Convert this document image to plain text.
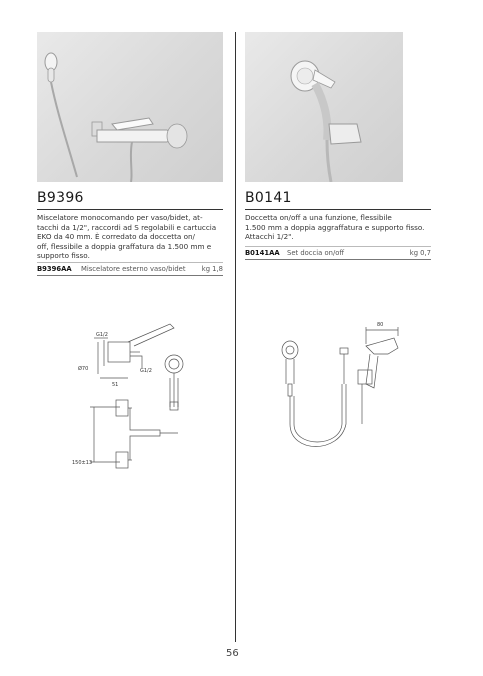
B9396
Miscelatore monocomando per vaso/bidet, at-
tacchi da 1/2", raccordi ad S regolabili e cartuccia
EKO da 40 mm. È corredato da doccetta on/
off, flessibile a doppia graffatura da 1.500 mm e
supporto fisso.
B9396AA Miscelatore esterno vaso/bidet kg 1,8
G1/2
Ø70
51
G1/2
150±13
B0141
Doccetta on/off a una funzione, flessibile
1.500 mm a doppia aggraffatura e supporto fisso.
Attacchi 1/2".
B0141AA Set doccia on/off	kg 0,7
80
56
